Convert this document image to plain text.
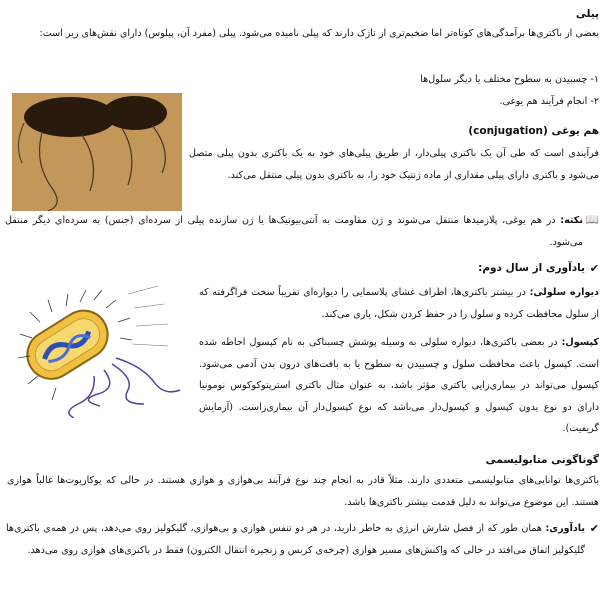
پیلی
بعضی از باکتری‌ها برآمدگی‌های کوتاه‌تر اما ضخیم‌تری از تاژک دارند که پیلی نامیده می‌شود. پیلی (مفرد آن، پیلوس) دارای نقش‌های زیر است:
۱- چسبیدن به سطوح مختلف یا دیگر سلول‌ها
۲- انجام فرآیند هم یوغی.
هم یوغی (conjugation)
فرآیندی است که طی آن یک باکتری پیلی‌دار، از طریق پیلی‌های خود به یک باکتری بدون پیلی متصل می‌شود و باکتری دارای پیلی مقداری از ماده ژنتیک خود را، به باکتری بدون پیلی منتقل می‌کند.
📖
نکته: در هم یوغی، پلازمیدها منتقل می‌شوند و ژن مقاومت به آنتی‌بیوتیک‌ها یا ژن سازنده پیلی از سرده‌ای (جنس) به سرده‌ای دیگر منتقل می‌شود.
✔
یادآوری از سال دوم:
دیواره سلولی: در بیشتر باکتری‌ها، اطراف غشای پلاسمایی را دیواره‌ای تقریباً سخت فراگرفته که از سلول محافظت کرده و سلول را در حفظ کردن شکل، یاری می‌کند.
کپسول: در بعضی باکتری‌ها، دیواره سلولی به وسیله پوشش چسبناکی به نام کپسول احاطه شده است. کپسول باعث محافظت سلول و چسبیدن به سطوح یا به بافت‌های درون بدن آدمی می‌شود. کپسول می‌تواند در بیماری‌زایی باکتری مؤثر باشد، به عنوان مثال باکتری استرپتوکوکوس نومونیا دارای دو نوع بدون کپسول و کپسول‌دار می‌باشد که نوع کپسول‌دار آن بیماری‌زاست. (آزمایش گریفیت).
گوناگونی متابولیسمی
باکتری‌ها توانایی‌های متابولیسمی متعددی دارند. مثلاً قادر به انجام چند نوع فرآیند بی‌هوازی و هوازی هستند. در حالی که یوکاریوت‌ها غالباً هوازی هستند. این موضوع می‌تواند به دلیل قدمت بیشتر باکتری‌ها باشد.
✔
یادآوری: همان طور که از فصل شارش انرژی به خاطر دارید، در هر دو تنفس هوازی و بی‌هوازی، گلیکولیز روی می‌دهد، پس در همه‌ی باکتری‌ها گلیکولیز اتفاق می‌افتد در حالی که واکنش‌های مسیر هوازی (چرخه‌ی کربس و زنجیره انتقال الکترون) فقط در باکتری‌های هوازی روی می‌دهد.
